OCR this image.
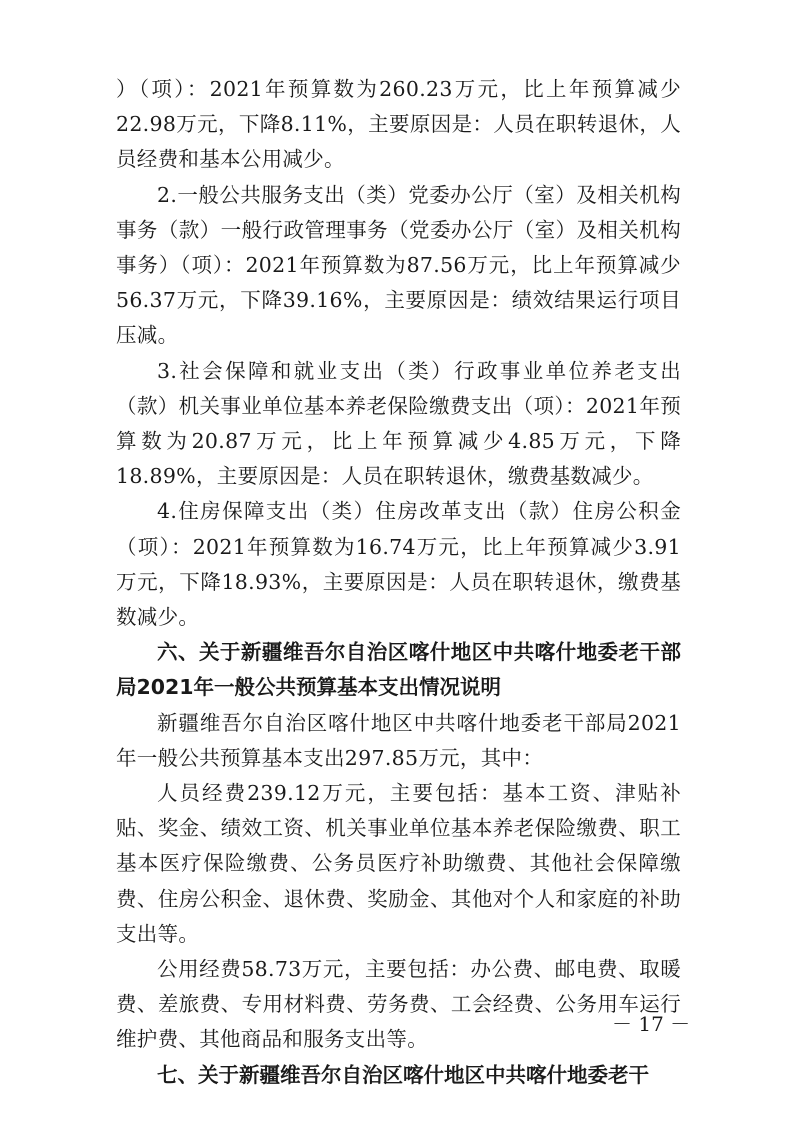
）（项）：2021年预算数为260.23万元，比上年预算减少22.98万元，下降8.11%，主要原因是：人员在职转退休，人员经费和基本公用减少。

2.一般公共服务支出（类）党委办公厅（室）及相关机构事务（款）一般行政管理事务（党委办公厅（室）及相关机构事务）（项）：2021年预算数为87.56万元，比上年预算减少56.37万元，下降39.16%，主要原因是：绩效结果运行项目压减。

3.社会保障和就业支出（类）行政事业单位养老支出（款）机关事业单位基本养老保险缴费支出（项）：2021年预算数为20.87万元，比上年预算减少4.85万元，下降18.89%，主要原因是：人员在职转退休，缴费基数减少。

4.住房保障支出（类）住房改革支出（款）住房公积金（项）：2021年预算数为16.74万元，比上年预算减少3.91万元，下降18.93%，主要原因是：人员在职转退休，缴费基数减少。

六、关于新疆维吾尔自治区喀什地区中共喀什地委老干部局2021年一般公共预算基本支出情况说明

新疆维吾尔自治区喀什地区中共喀什地委老干部局2021年一般公共预算基本支出297.85万元，其中：

人员经费239.12万元，主要包括：基本工资、津贴补贴、奖金、绩效工资、机关事业单位基本养老保险缴费、职工基本医疗保险缴费、公务员医疗补助缴费、其他社会保障缴费、住房公积金、退休费、奖励金、其他对个人和家庭的补助支出等。

公用经费58.73万元，主要包括：办公费、邮电费、取暖费、差旅费、专用材料费、劳务费、工会经费、公务用车运行维护费、其他商品和服务支出等。

七、关于新疆维吾尔自治区喀什地区中共喀什地委老干

－ 17 －
